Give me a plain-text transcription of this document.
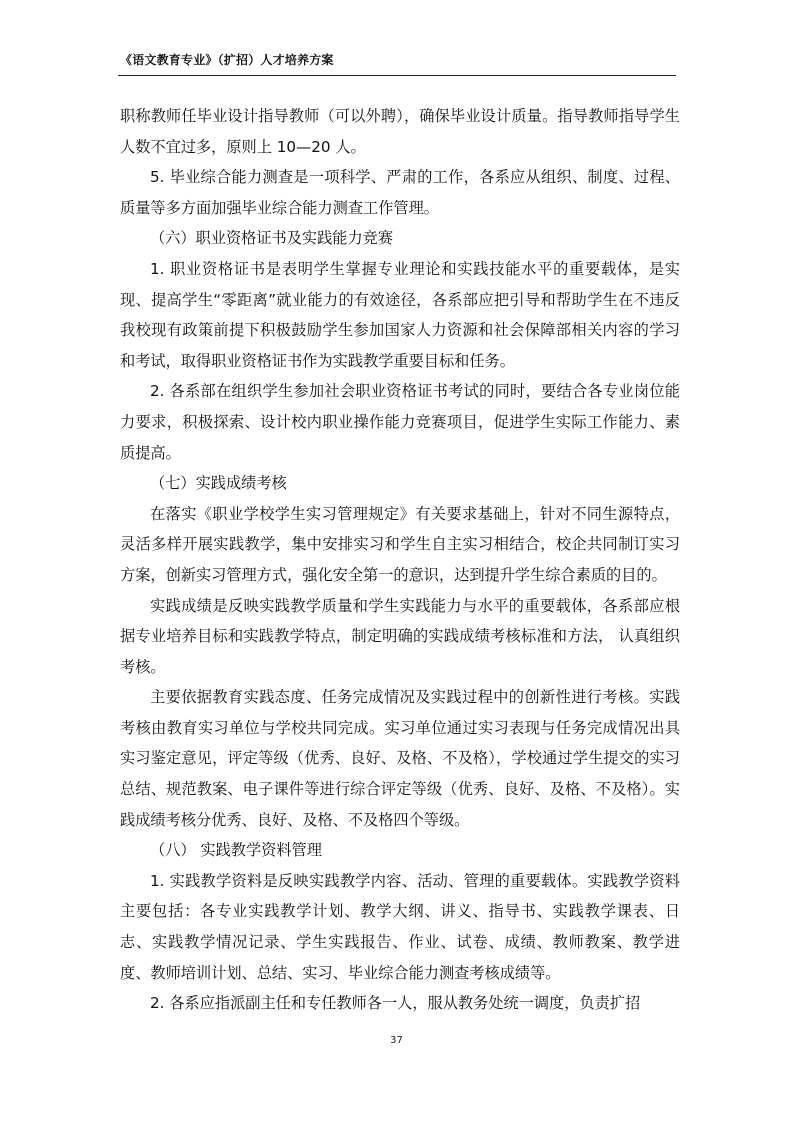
《语文教育专业》（扩招）人才培养方案

职称教师任毕业设计指导教师（可以外聘），确保毕业设计质量。指导教师指导学生人数不宜过多，原则上 10—20 人。

5. 毕业综合能力测查是一项科学、严肃的工作，各系应从组织、制度、过程、质量等多方面加强毕业综合能力测查工作管理。

（六）职业资格证书及实践能力竞赛

1. 职业资格证书是表明学生掌握专业理论和实践技能水平的重要载体，是实现、提高学生“零距离”就业能力的有效途径，各系部应把引导和帮助学生在不违反我校现有政策前提下积极鼓励学生参加国家人力资源和社会保障部相关内容的学习和考试，取得职业资格证书作为实践教学重要目标和任务。

2. 各系部在组织学生参加社会职业资格证书考试的同时，要结合各专业岗位能力要求，积极探索、设计校内职业操作能力竞赛项目，促进学生实际工作能力、素质提高。

（七）实践成绩考核

在落实《职业学校学生实习管理规定》有关要求基础上，针对不同生源特点，灵活多样开展实践教学，集中安排实习和学生自主实习相结合，校企共同制订实习方案，创新实习管理方式，强化安全第一的意识，达到提升学生综合素质的目的。

实践成绩是反映实践教学质量和学生实践能力与水平的重要载体，各系部应根据专业培养目标和实践教学特点，制定明确的实践成绩考核标准和方法， 认真组织考核。

主要依据教育实践态度、任务完成情况及实践过程中的创新性进行考核。实践考核由教育实习单位与学校共同完成。实习单位通过实习表现与任务完成情况出具实习鉴定意见，评定等级（优秀、良好、及格、不及格），学校通过学生提交的实习总结、规范教案、电子课件等进行综合评定等级（优秀、良好、及格、不及格）。实践成绩考核分优秀、良好、及格、不及格四个等级。

（八） 实践教学资料管理

1. 实践教学资料是反映实践教学内容、活动、管理的重要载体。实践教学资料主要包括：各专业实践教学计划、教学大纲、讲义、指导书、实践教学课表、日志、实践教学情况记录、学生实践报告、作业、试卷、成绩、教师教案、教学进度、教师培训计划、总结、实习、毕业综合能力测查考核成绩等。

2. 各系应指派副主任和专任教师各一人，服从教务处统一调度，负责扩招

37
